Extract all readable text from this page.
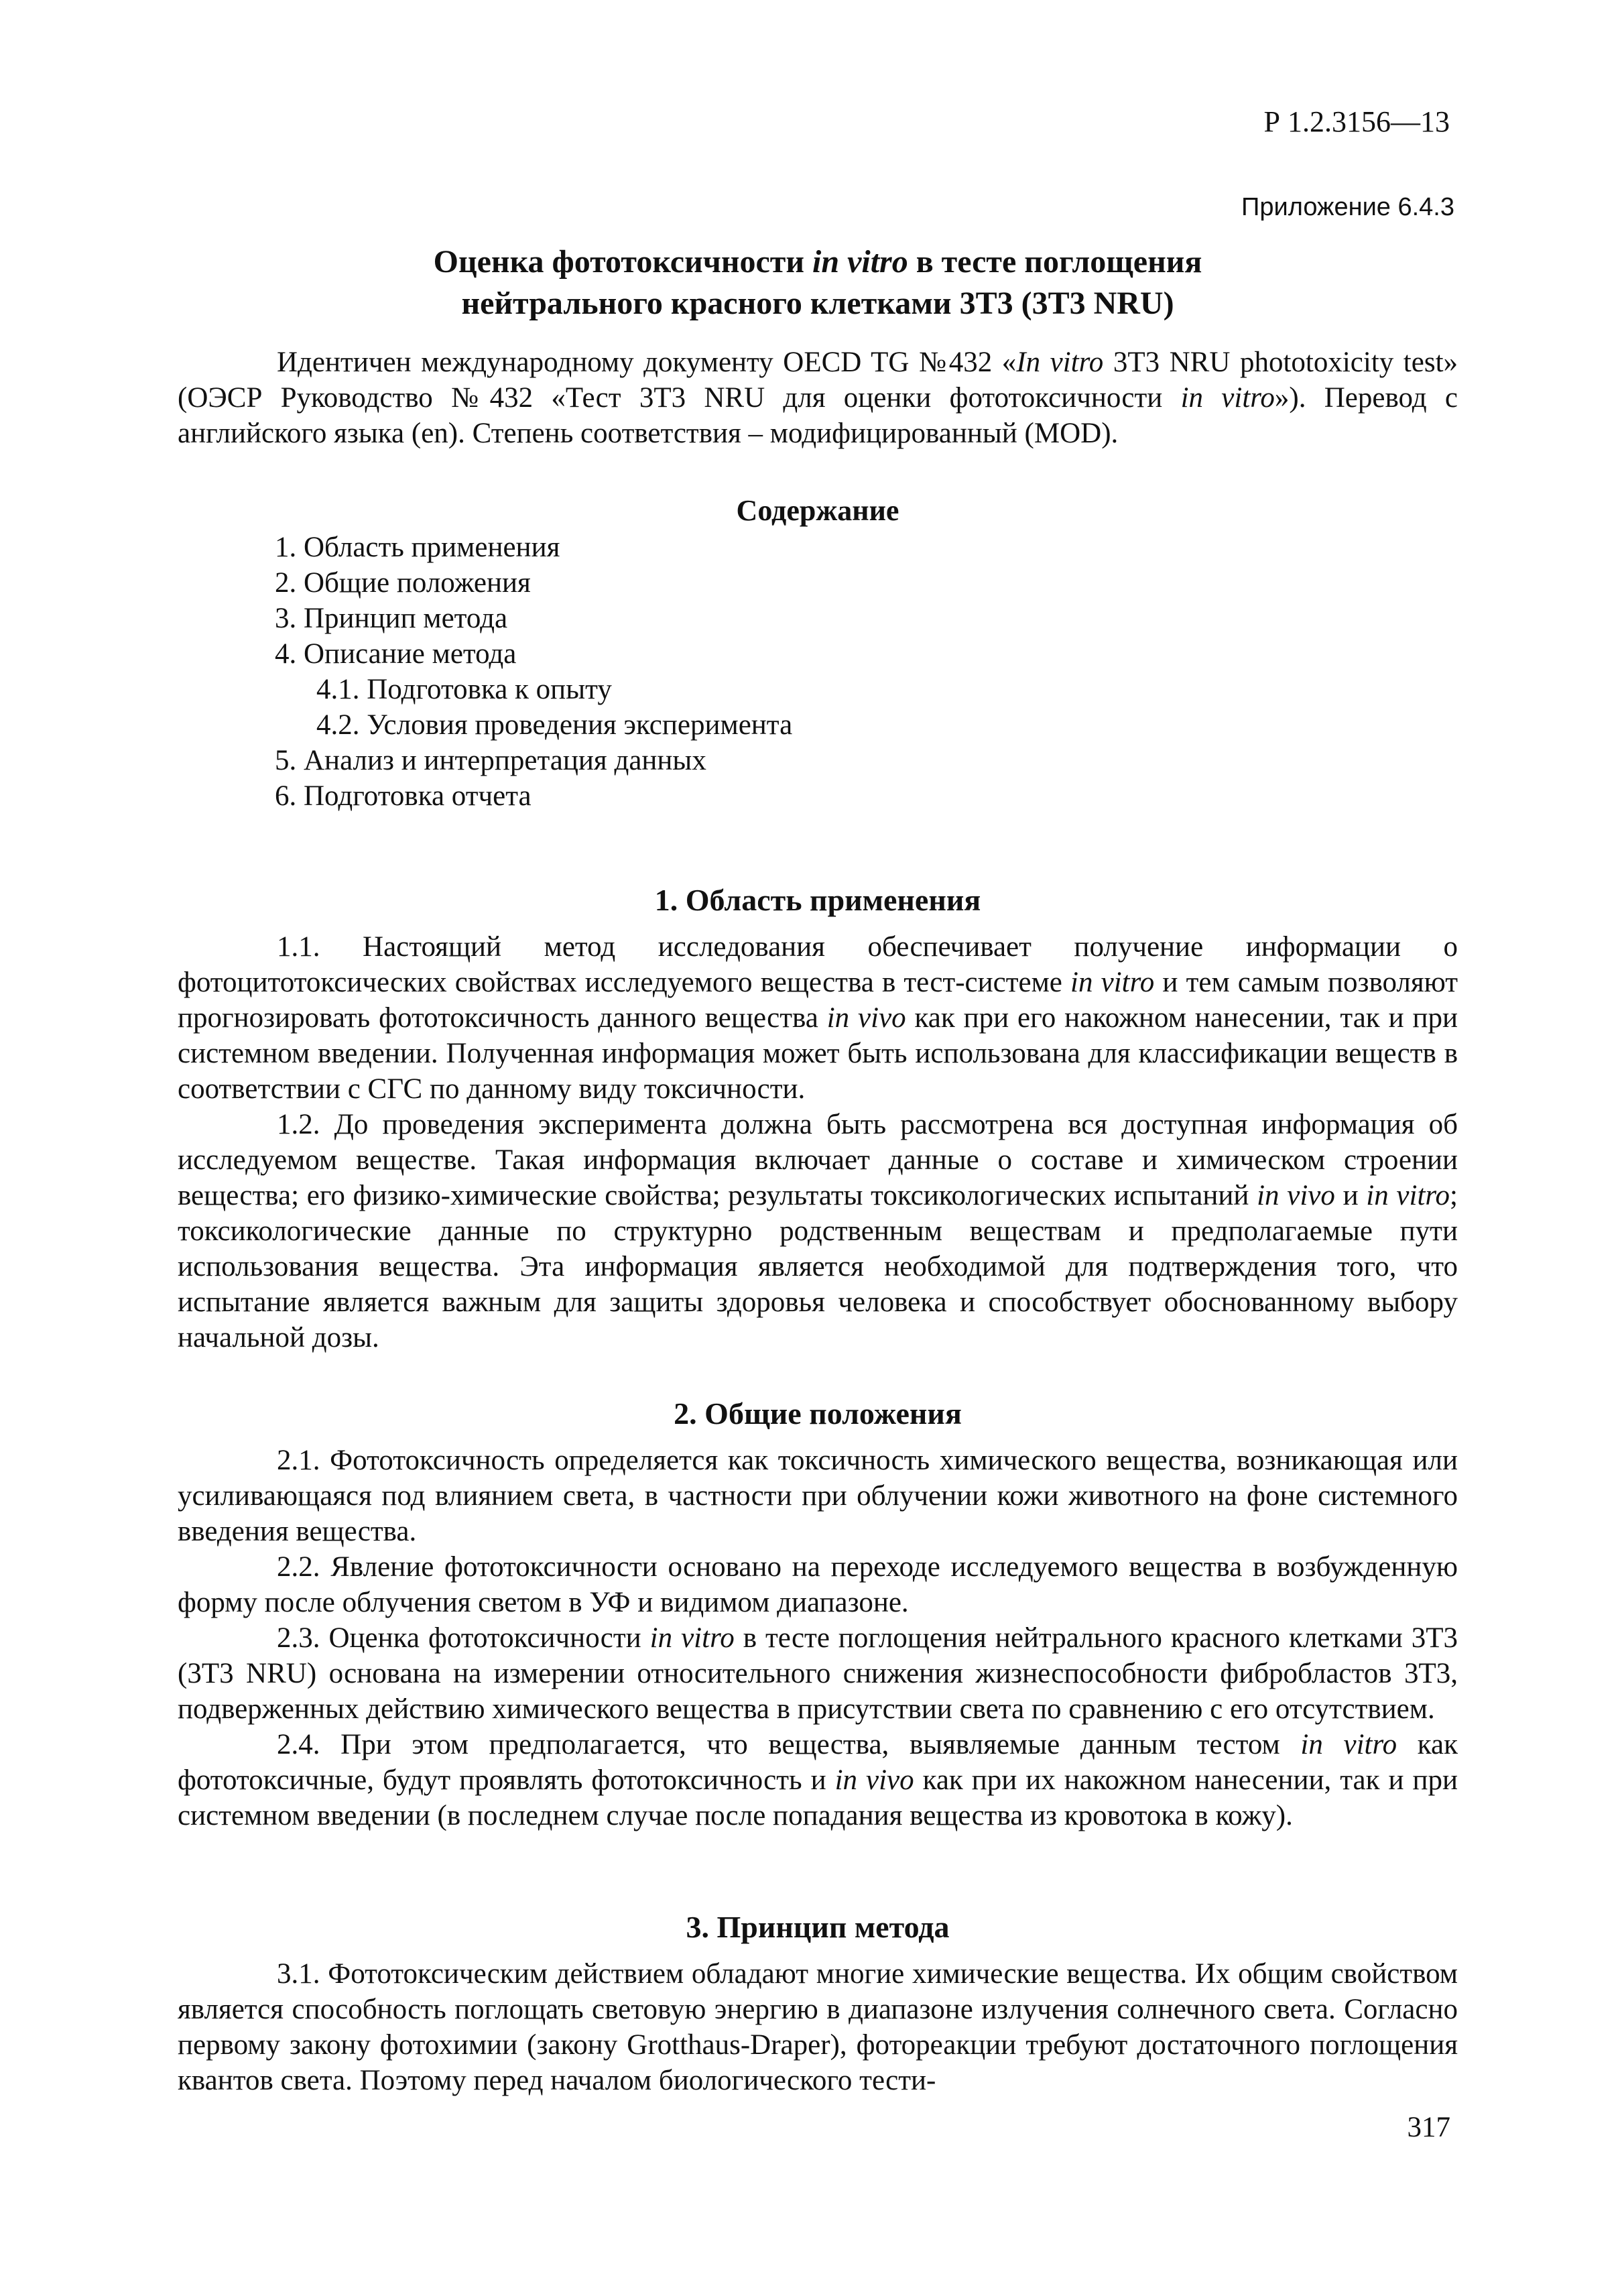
Р 1.2.3156—13
Приложение 6.4.3
Оценка фототоксичности in vitro в тесте поглощения
нейтрального красного клетками 3Т3 (3Т3 NRU)

Идентичен международному документу OECD TG №432 «In vitro 3T3 NRU phototoxicity test» (ОЭСР Руководство №432 «Тест 3Т3 NRU для оценки фототоксичности in vitro»). Перевод с английского языка (en). Степень соответствия – модифицированный (MOD).

Содержание
1. Область применения
2. Общие положения
3. Принцип метода
4. Описание метода
4.1. Подготовка к опыту
4.2. Условия проведения эксперимента
5. Анализ и интерпретация данных
6. Подготовка отчета
1. Область применения

1.1. Настоящий метод исследования обеспечивает получение информации о фотоцитотоксических свойствах исследуемого вещества в тест-системе in vitro и тем самым позволяют прогнозировать фототоксичность данного вещества in vivo как при его накожном нанесении, так и при системном введении. Полученная информация может быть использована для классификации веществ в соответствии с СГС по данному виду токсичности.

1.2. До проведения эксперимента должна быть рассмотрена вся доступная информация об исследуемом веществе. Такая информация включает данные о составе и химическом строении вещества; его физико-химические свойства; результаты токсикологических испытаний in vivo и in vitro; токсикологические данные по структурно родственным веществам и предполагаемые пути использования вещества. Эта информация является необходимой для подтверждения того, что испытание является важным для защиты здоровья человека и способствует обоснованному выбору начальной дозы.

2. Общие положения

2.1. Фототоксичность определяется как токсичность химического вещества, возникающая или усиливающаяся под влиянием света, в частности при облучении кожи животного на фоне системного введения вещества.

2.2. Явление фототоксичности основано на переходе исследуемого вещества в возбужденную форму после облучения светом в УФ и видимом диапазоне.

2.3. Оценка фототоксичности in vitro в тесте поглощения нейтрального красного клетками 3Т3 (3Т3 NRU) основана на измерении относительного снижения жизнеспособности фибробластов 3Т3, подверженных действию химического вещества в присутствии света по сравнению с его отсутствием.

2.4. При этом предполагается, что вещества, выявляемые данным тестом in vitro как фототоксичные, будут проявлять фототоксичность и in vivo как при их накожном нанесении, так и при системном введении (в последнем случае после попадания вещества из кровотока в кожу).

3. Принцип метода

3.1. Фототоксическим действием обладают многие химические вещества. Их общим свойством является способность поглощать световую энергию в диапазоне излучения солнечного света. Согласно первому закону фотохимии (закону Grotthaus-Draper), фотореакции требуют достаточного поглощения квантов света. Поэтому перед началом биологического тести-

317
